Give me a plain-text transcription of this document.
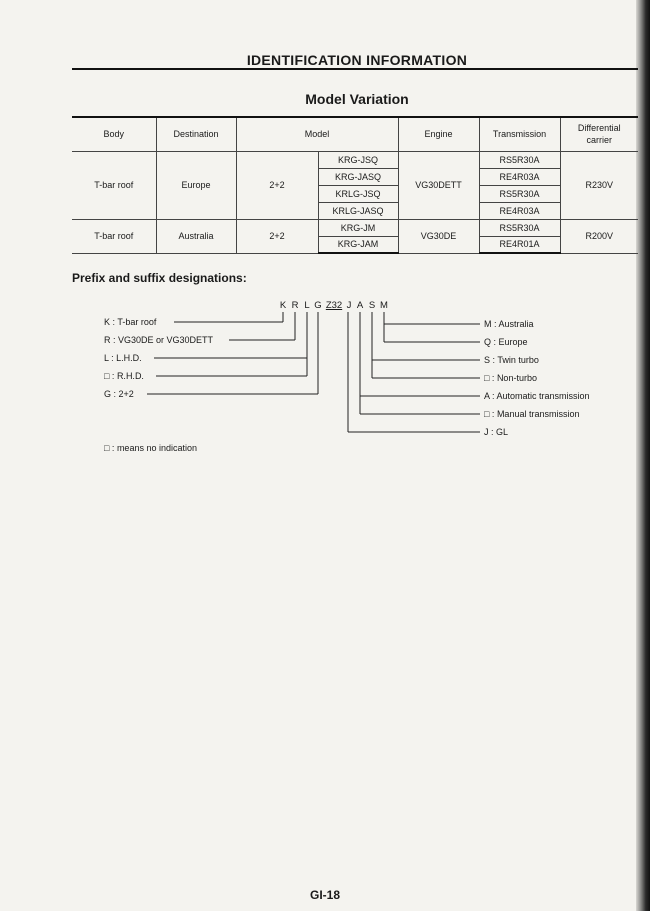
IDENTIFICATION INFORMATION
Model Variation
Body	Destination	Model		Engine	Transmission	Differential
carrier
T-bar roof	Europe	2+2	KRG-JSQ	VG30DETT	RS5R30A	R230V
			KRG-JASQ		RE4R03A	
			KRLG-JSQ		RS5R30A	
			KRLG-JASQ		RE4R03A	
T-bar roof	Australia	2+2	KRG-JM	VG30DE	RS5R30A	R200V
			KRG-JAM		RE4R01A	
Prefix and suffix designations:
K R L G Z32 J A S M
K : T-bar roof
R : VG30DE or VG30DETT
L : L.H.D.
□ : R.H.D.
G : 2+2
M : Australia
Q : Europe
S : Twin turbo
□ : Non-turbo
A : Automatic transmission
□ : Manual transmission
J : GL
□ : means no indication
GI-18
